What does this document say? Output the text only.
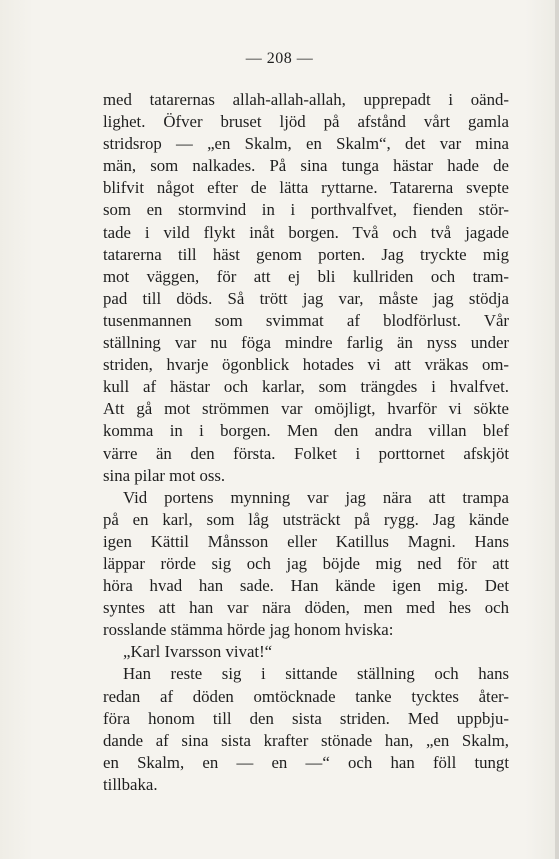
— 208 —
med tatarernas allah-allah-allah, upprepadt i oänd-
lighet. Öfver bruset ljöd på afstånd vårt gamla
stridsrop — „en Skalm, en Skalm“, det var mina
män, som nalkades. På sina tunga hästar hade de
blifvit något efter de lätta ryttarne. Tatarerna svepte
som en stormvind in i porthvalfvet, fienden stör-
tade i vild flykt inåt borgen. Två och två jagade
tatarerna till häst genom porten. Jag tryckte mig
mot väggen, för att ej bli kullriden och tram-
pad till döds. Så trött jag var, måste jag stödja
tusenmannen som svimmat af blodförlust. Vår
ställning var nu föga mindre farlig än nyss under
striden, hvarje ögonblick hotades vi att vräkas om-
kull af hästar och karlar, som trängdes i hvalfvet.
Att gå mot strömmen var omöjligt, hvarför vi sökte
komma in i borgen. Men den andra villan blef
värre än den första. Folket i porttornet afskjöt
sina pilar mot oss.
Vid portens mynning var jag nära att trampa
på en karl, som låg utsträckt på rygg. Jag kände
igen Kättil Månsson eller Katillus Magni. Hans
läppar rörde sig och jag böjde mig ned för att
höra hvad han sade. Han kände igen mig. Det
syntes att han var nära döden, men med hes och
rosslande stämma hörde jag honom hviska:
„Karl Ivarsson vivat!“
Han reste sig i sittande ställning och hans
redan af döden omtöcknade tanke tycktes åter-
föra honom till den sista striden. Med uppbju-
dande af sina sista krafter stönade han, „en Skalm,
en Skalm, en — en —“ och han föll tungt
tillbaka.
